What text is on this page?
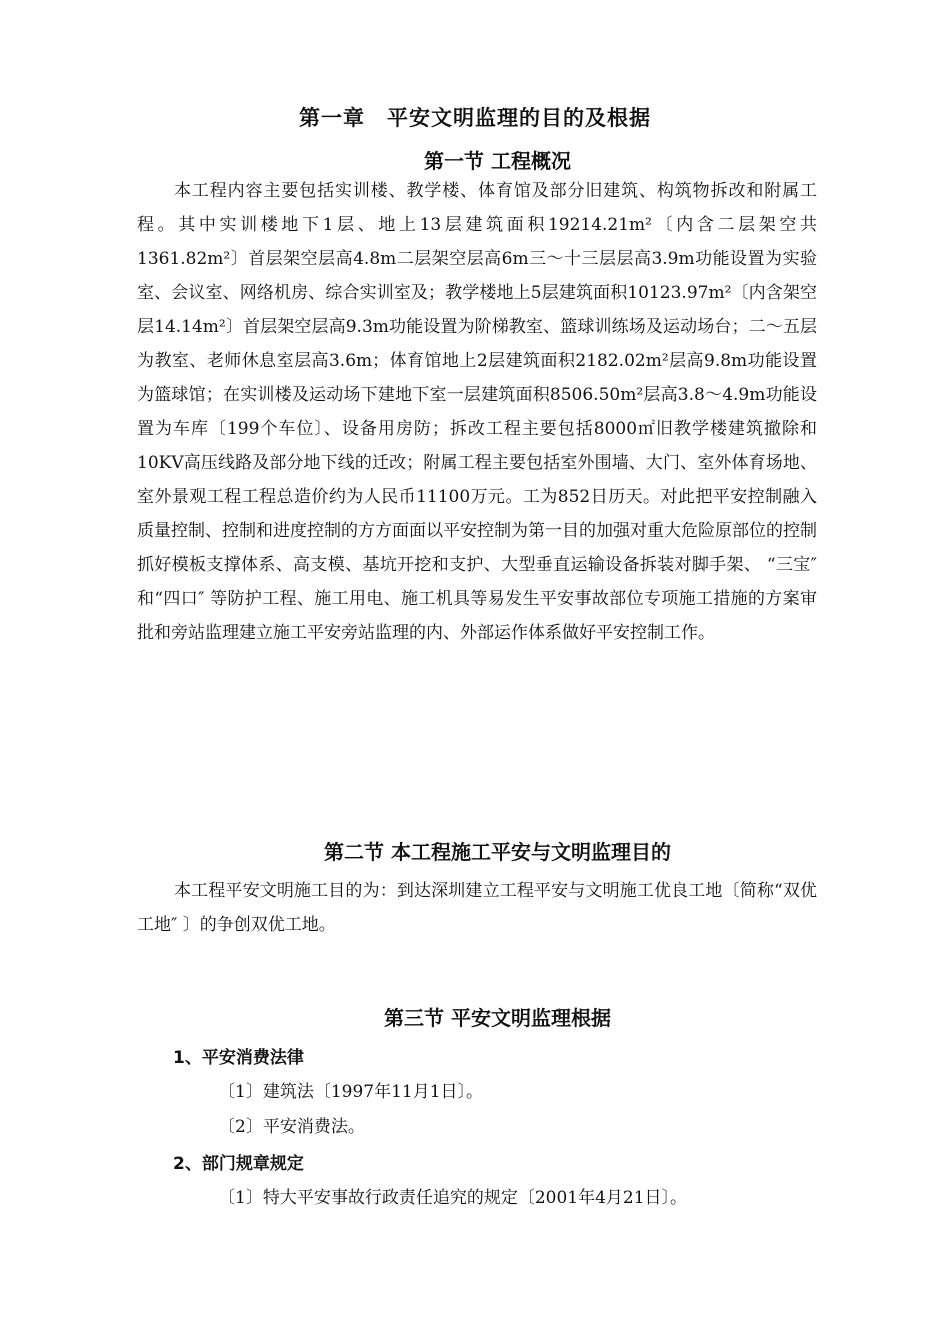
第一章　平安文明监理的目的及根据
第一节 工程概况

本工程内容主要包括实训楼、教学楼、体育馆及部分旧建筑、构筑物拆改和附属工程。其中实训楼地下1层、地上13层建筑面积19214.21m²〔内含二层架空共1361.82m²〕首层架空层高4.8m二层架空层高6m三～十三层层高3.9m功能设置为实验室、会议室、网络机房、综合实训室及；教学楼地上5层建筑面积10123.97m²〔内含架空层14.14m²〕首层架空层高9.3m功能设置为阶梯教室、篮球训练场及运动场台；二～五层为教室、老师休息室层高3.6m；体育馆地上2层建筑面积2182.02m²层高9.8m功能设置为篮球馆；在实训楼及运动场下建地下室一层建筑面积8506.50m²层高3.8～4.9m功能设置为车库〔199个车位〕、设备用房防；拆改工程主要包括8000㎡旧教学楼建筑撤除和10KV高压线路及部分地下线的迁改；附属工程主要包括室外围墙、大门、室外体育场地、室外景观工程工程总造价约为人民币11100万元。工为852日历天。对此把平安控制融入质量控制、控制和进度控制的方方面面以平安控制为第一目的加强对重大危险原部位的控制抓好模板支撑体系、高支模、基坑开挖和支护、大型垂直运输设备拆装对脚手架、 “三宝″ 和“四口″ 等防护工程、施工用电、施工机具等易发生平安事故部位专项施工措施的方案审批和旁站监理建立施工平安旁站监理的内、外部运作体系做好平安控制工作。

第二节 本工程施工平安与文明监理目的

本工程平安文明施工目的为：到达深圳建立工程平安与文明施工优良工地〔简称“双优工地″ 〕的争创双优工地。

第三节 平安文明监理根据
1、平安消费法律
〔1〕建筑法〔1997年11月1日〕。
〔2〕平安消费法。
2、部门规章规定
〔1〕特大平安事故行政责任追究的规定〔2001年4月21日〕。
